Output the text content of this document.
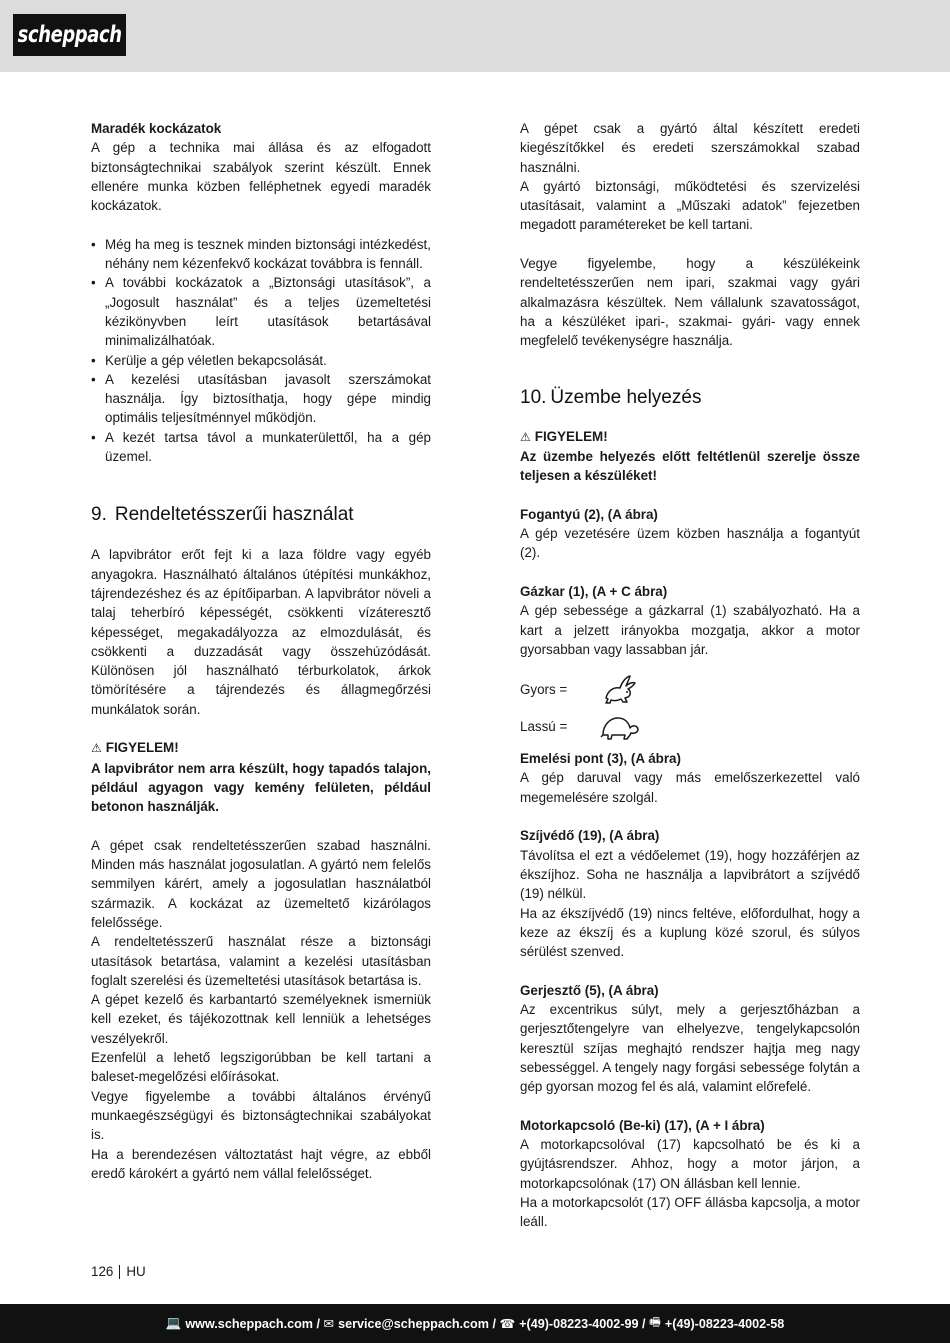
scheppach

Maradék kockázatok

A gép a technika mai állása és az elfogadott biztonságtechnikai szabályok szerint készült. Ennek ellenére munka közben felléphetnek egyedi maradék kockázatok.

• Még ha meg is tesznek minden biztonsági intézkedést, néhány nem kézenfekvő kockázat továbbra is fennáll.
• A további kockázatok a „Biztonsági utasítások”, a „Jogosult használat” és a teljes üzemeltetési kézikönyvben leírt utasítások betartásával minimalizálhatóak.
• Kerülje a gép véletlen bekapcsolását.
• A kezelési utasításban javasolt szerszámokat használja. Így biztosíthatja, hogy gépe mindig optimális teljesítménnyel működjön.
• A kezét tartsa távol a munkaterülettől, ha a gép üzemel.
9. Rendeltetésszerűi használat

A lapvibrátor erőt fejt ki a laza földre vagy egyéb anyagokra. Használható általános útépítési munkákhoz, tájrendezéshez és az építőiparban. A lapvibrátor növeli a talaj teherbíró képességét, csökkenti vízáteresztő képességet, megakadályozza az elmozdulását, és csökkenti a duzzadását vagy összehúzódását. Különösen jól használható térburkolatok, árkok tömörítésére a tájrendezés és állagmegőrzési munkálatok során.

⚠ FIGYELEM!

A lapvibrátor nem arra készült, hogy tapadós talajon, például agyagon vagy kemény felületen, például betonon használják.

A gépet csak rendeltetésszerűen szabad használni. Minden más használat jogosulatlan. A gyártó nem felelős semmilyen kárért, amely a jogosulatlan használatból származik. A kockázat az üzemeltető kizárólagos felelőssége.

A rendeltetésszerű használat része a biztonsági utasítások betartása, valamint a kezelési utasításban foglalt szerelési és üzemeltetési utasítások betartása is.

A gépet kezelő és karbantartó személyeknek ismerniük kell ezeket, és tájékozottnak kell lenniük a lehetséges veszélyekről.

Ezenfelül a lehető legszigorúbban be kell tartani a baleset-megelőzési előírásokat.

Vegye figyelembe a további általános érvényű munkaegészségügyi és biztonságtechnikai szabályokat is.

Ha a berendezésen változtatást hajt végre, az ebből eredő károkért a gyártó nem vállal felelősséget.

A gépet csak a gyártó által készített eredeti kiegészítőkkel és eredeti szerszámokkal szabad használni.

A gyártó biztonsági, működtetési és szervizelési utasításait, valamint a „Műszaki adatok” fejezetben megadott paramétereket be kell tartani.

Vegye figyelembe, hogy a készülékeink rendeltetésszerűen nem ipari, szakmai vagy gyári alkalmazásra készültek. Nem vállalunk szavatosságot, ha a készüléket ipari-, szakmai- gyári- vagy ennek megfelelő tevékenységre használja.

10. Üzembe helyezés

⚠ FIGYELEM!

Az üzembe helyezés előtt feltétlenül szerelje össze teljesen a készüléket!

Fogantyú (2), (A ábra)

A gép vezetésére üzem közben használja a fogantyút (2).

Gázkar (1), (A + C ábra)

A gép sebessége a gázkarral (1) szabályozható. Ha a kart a jelzett irányokba mozgatja, akkor a motor gyorsabban vagy lassabban jár.

Gyors =
Lassú =

Emelési pont (3), (A ábra)

A gép daruval vagy más emelőszerkezettel való megemelésére szolgál.

Szíjvédő (19), (A ábra)

Távolítsa el ezt a védőelemet (19), hogy hozzáférjen az ékszíjhoz. Soha ne használja a lapvibrátort a szíjvédő (19) nélkül.

Ha az ékszíjvédő (19) nincs feltéve, előfordulhat, hogy a keze az ékszíj és a kuplung közé szorul, és súlyos sérülést szenved.

Gerjesztő (5), (A ábra)

Az excentrikus súlyt, mely a gerjesztőházban a gerjesztőtengelyre van elhelyezve, tengelykapcsolón keresztül szíjas meghajtó rendszer hajtja meg nagy sebességgel. A tengely nagy forgási sebessége folytán a gép gyorsan mozog fel és alá, valamint előrefelé.

Motorkapcsoló (Be-ki) (17), (A + I ábra)

A motorkapcsolóval (17) kapcsolható be és ki a gyújtásrendszer. Ahhoz, hogy a motor járjon, a motorkapcsolónak (17) ON állásban kell lennie.

Ha a motorkapcsolót (17) OFF állásba kapcsolja, a motor leáll.

126 HU
💻 www.scheppach.com /
✉ service@scheppach.com /
☎ +(49)-08223-4002-99 /
🖷 +(49)-08223-4002-58
